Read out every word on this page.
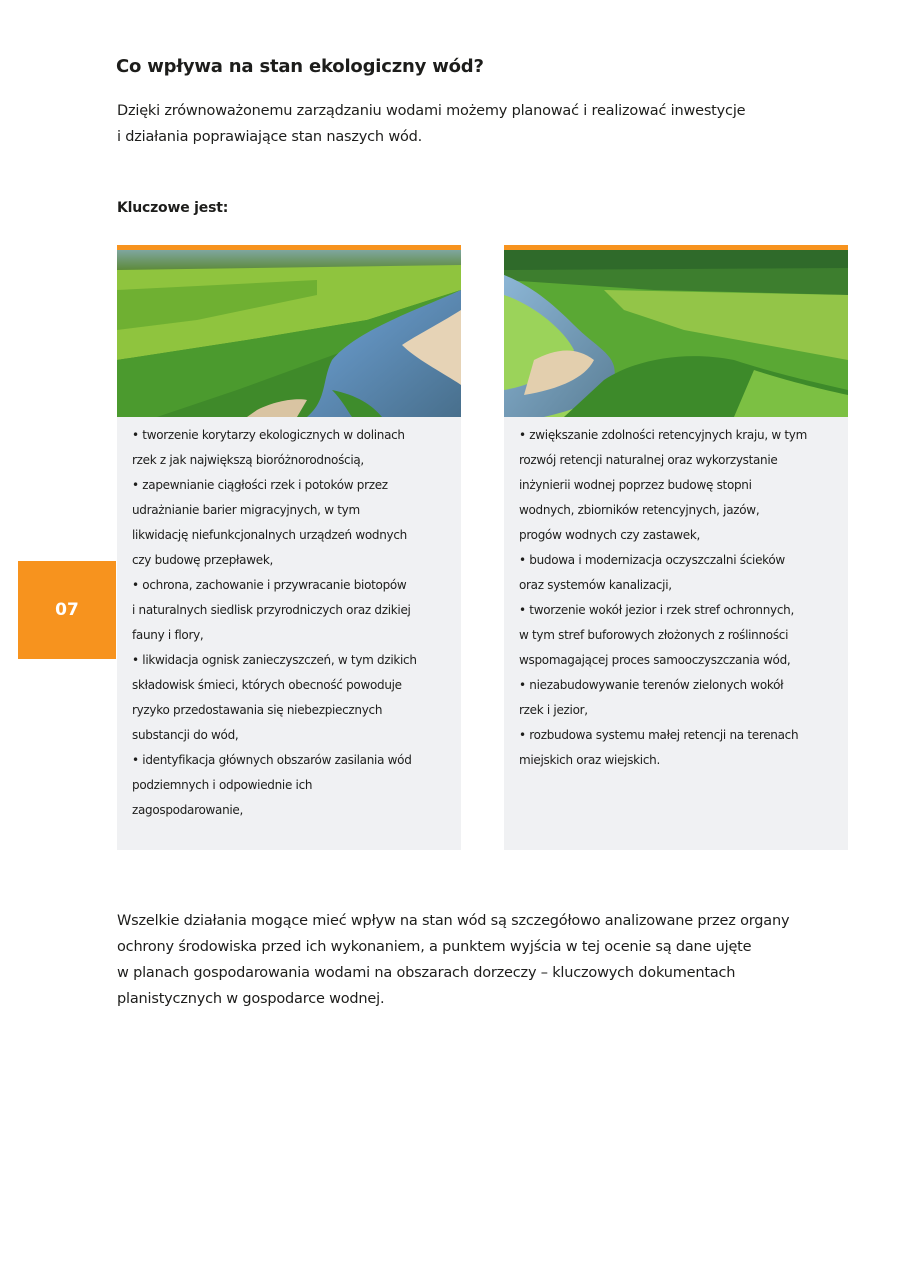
Co wpływa na stan ekologiczny wód?
Dzięki zrównoważonemu zarządzaniu wodami możemy planować i realizować inwestycje
i działania poprawiające stan naszych wód.
Kluczowe jest:
• tworzenie korytarzy ekologicznych w dolinach
rzek z jak największą bioróżnorodnością,
• zapewnianie ciągłości rzek i potoków przez
udrażnianie barier migracyjnych, w tym
likwidację niefunkcjonalnych urządzeń wodnych
czy budowę przepławek,
• ochrona, zachowanie i przywracanie biotopów
i naturalnych siedlisk przyrodniczych oraz dzikiej
fauny i flory,
• likwidacja ognisk zanieczyszczeń, w tym dzikich
składowisk śmieci, których obecność powoduje
ryzyko przedostawania się niebezpiecznych
substancji do wód,
• identyfikacja głównych obszarów zasilania wód
podziemnych i odpowiednie ich
zagospodarowanie,
• zwiększanie zdolności retencyjnych kraju, w tym
rozwój retencji naturalnej oraz wykorzystanie
inżynierii wodnej poprzez budowę stopni
wodnych, zbiorników retencyjnych, jazów,
progów wodnych czy zastawek,
• budowa i modernizacja oczyszczalni ścieków
oraz systemów kanalizacji,
• tworzenie wokół jezior i rzek stref ochronnych,
w tym stref buforowych złożonych z roślinności
wspomagającej proces samooczyszczania wód,
• niezabudowywanie terenów zielonych wokół
rzek i jezior,
• rozbudowa systemu małej retencji na terenach
miejskich oraz wiejskich.
07
Wszelkie działania mogące mieć wpływ na stan wód są szczegółowo analizowane przez organy
ochrony środowiska przed ich wykonaniem, a punktem wyjścia w tej ocenie są dane ujęte
w planach gospodarowania wodami na obszarach dorzeczy – kluczowych dokumentach
planistycznych w gospodarce wodnej.
